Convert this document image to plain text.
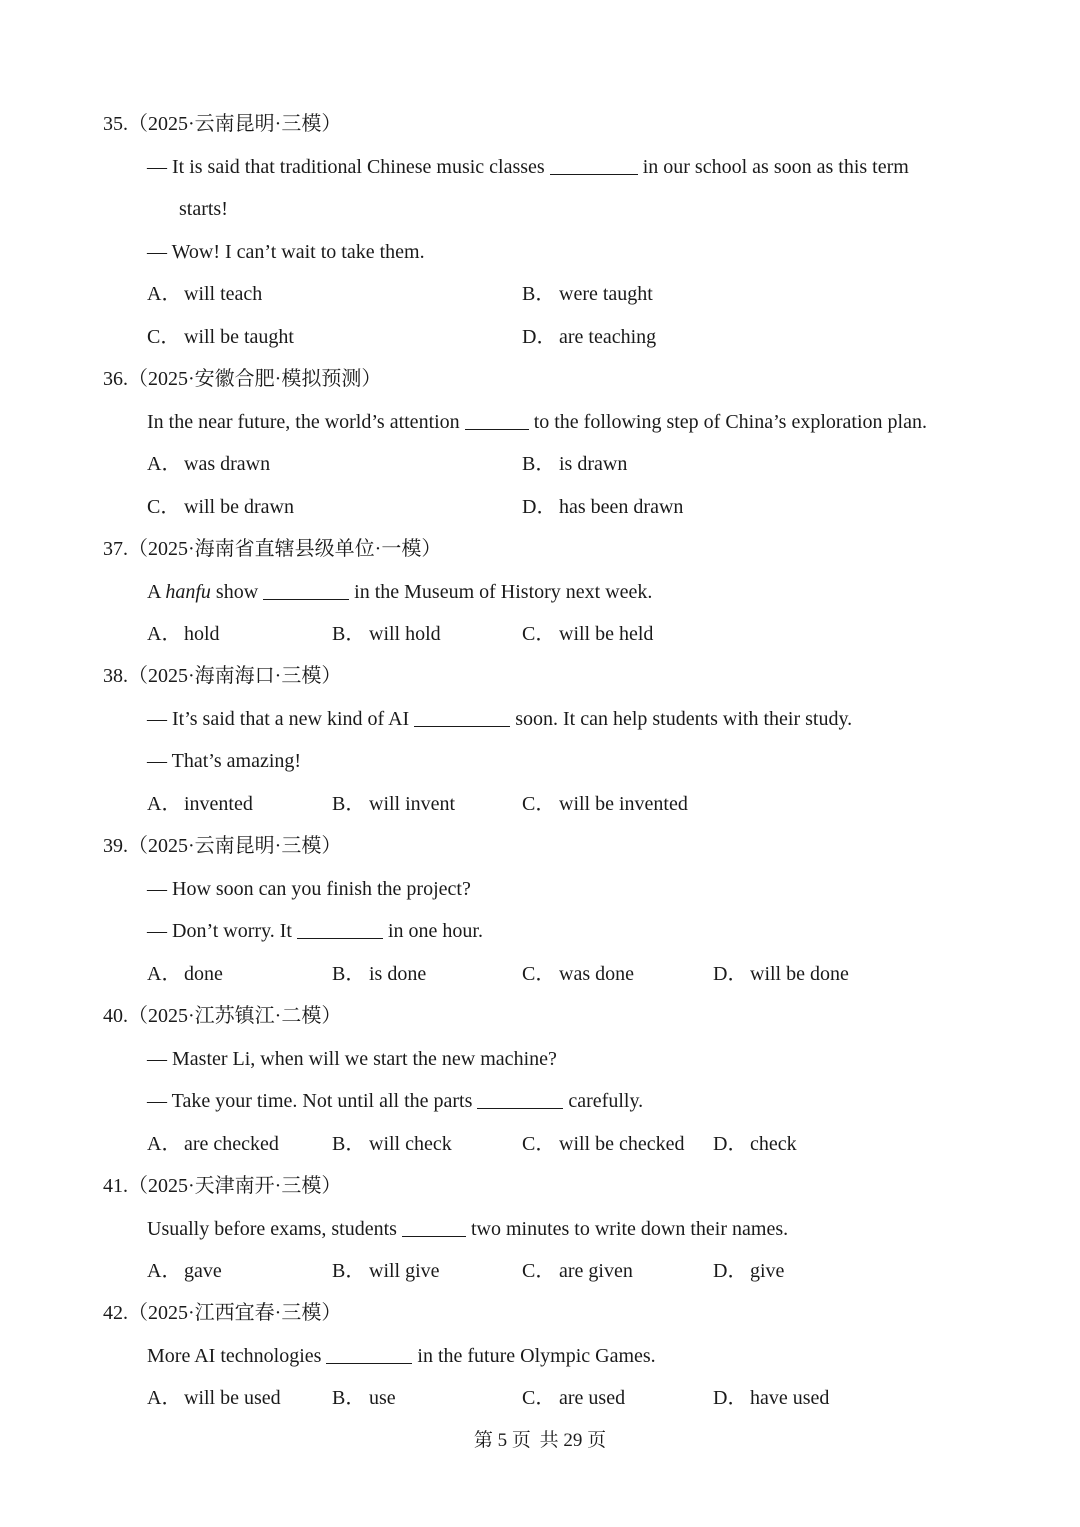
35.（2025·云南昆明·三模）
— It is said that traditional Chinese music classes	in our school as soon as this term
starts!
— Wow! I can’t wait to take them.
A． will teach	B． were taught
C． will be taught	D． are teaching
36.（2025·安徽合肥·模拟预测）
In the near future, the world’s attention	to the following step of China’s exploration plan.
A． was drawn	B． is drawn
C． will be drawn	D． has been drawn
37.（2025·海南省直辖县级单位·一模）
A hanfu show	in the Museum of History next week.
A． hold	B． will hold	C． will be held
38.（2025·海南海口·三模）
— It’s said that a new kind of AI	soon. It can help students with their study.
— That’s amazing!
A． invented	B． will invent	C． will be invented
39.（2025·云南昆明·三模）
— How soon can you finish the project?
— Don’t worry. It	in one hour.
A． done	B． is done	C． was done	D． will be done
40.（2025·江苏镇江·二模）
— Master Li, when will we start the new machine?
— Take your time. Not until all the parts	carefully.
A． are checked	B． will check	C． will be checked D． check
41.（2025·天津南开·三模）
Usually before exams, students	two minutes to write down their names.
A． gave	B． will give	C． are given	D． give
42.（2025·江西宜春·三模）
More AI technologies	in the future Olympic Games.
A． will be used	B． use	C． are used	D． have used
第 5 页 共 29 页
